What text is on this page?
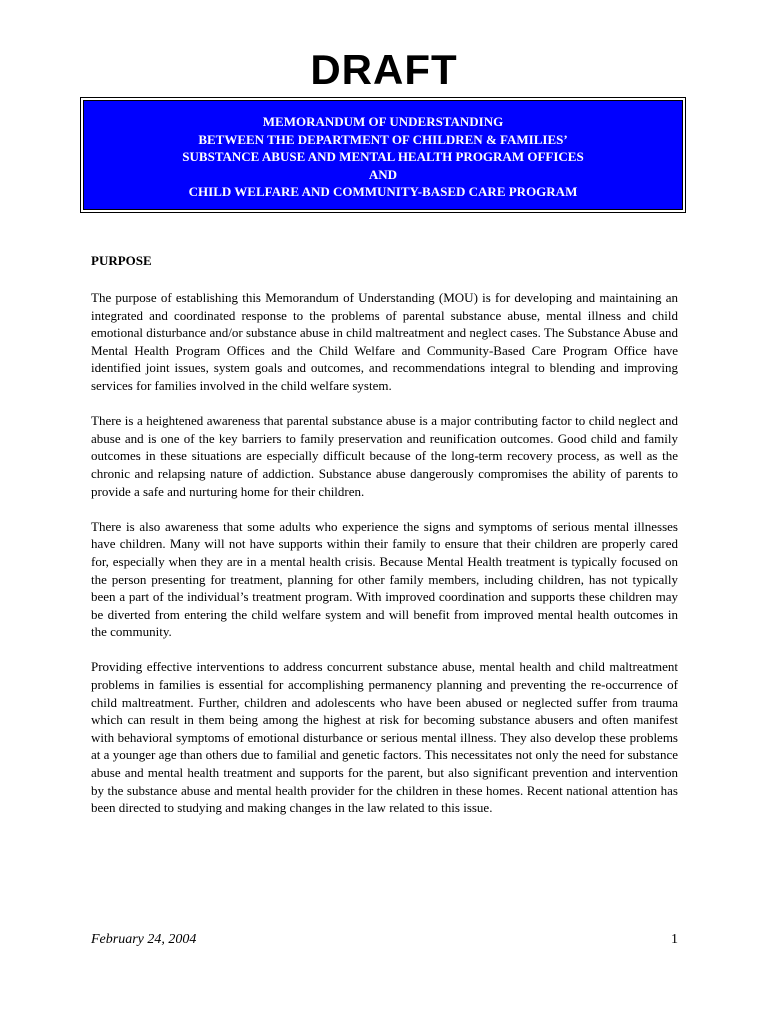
DRAFT
MEMORANDUM OF UNDERSTANDING
BETWEEN THE DEPARTMENT OF CHILDREN & FAMILIES’
SUBSTANCE ABUSE AND MENTAL HEALTH PROGRAM OFFICES
AND
CHILD WELFARE AND COMMUNITY-BASED CARE PROGRAM
PURPOSE

The purpose of establishing this Memorandum of Understanding (MOU) is for developing and maintaining an integrated and coordinated response to the problems of parental substance abuse, mental illness and child emotional disturbance and/or substance abuse in child maltreatment and neglect cases. The Substance Abuse and Mental Health Program Offices and the Child Welfare and Community-Based Care Program Office have identified joint issues, system goals and outcomes, and recommendations integral to blending and improving services for families involved in the child welfare system.

There is a heightened awareness that parental substance abuse is a major contributing factor to child neglect and abuse and is one of the key barriers to family preservation and reunification outcomes. Good child and family outcomes in these situations are especially difficult because of the long-term recovery process, as well as the chronic and relapsing nature of addiction. Substance abuse dangerously compromises the ability of parents to provide a safe and nurturing home for their children.

There is also awareness that some adults who experience the signs and symptoms of serious mental illnesses have children. Many will not have supports within their family to ensure that their children are properly cared for, especially when they are in a mental health crisis. Because Mental Health treatment is typically focused on the person presenting for treatment, planning for other family members, including children, has not typically been a part of the individual’s treatment program. With improved coordination and supports these children may be diverted from entering the child welfare system and will benefit from improved mental health outcomes in the community.

Providing effective interventions to address concurrent substance abuse, mental health and child maltreatment problems in families is essential for accomplishing permanency planning and preventing the re-occurrence of child maltreatment. Further, children and adolescents who have been abused or neglected suffer from trauma which can result in them being among the highest at risk for becoming substance abusers and often manifest with behavioral symptoms of emotional disturbance or serious mental illness. They also develop these problems at a younger age than others due to familial and genetic factors. This necessitates not only the need for substance abuse and mental health treatment and supports for the parent, but also significant prevention and intervention by the substance abuse and mental health provider for the children in these homes. Recent national attention has been directed to studying and making changes in the law related to this issue.

February 24, 2004	1
